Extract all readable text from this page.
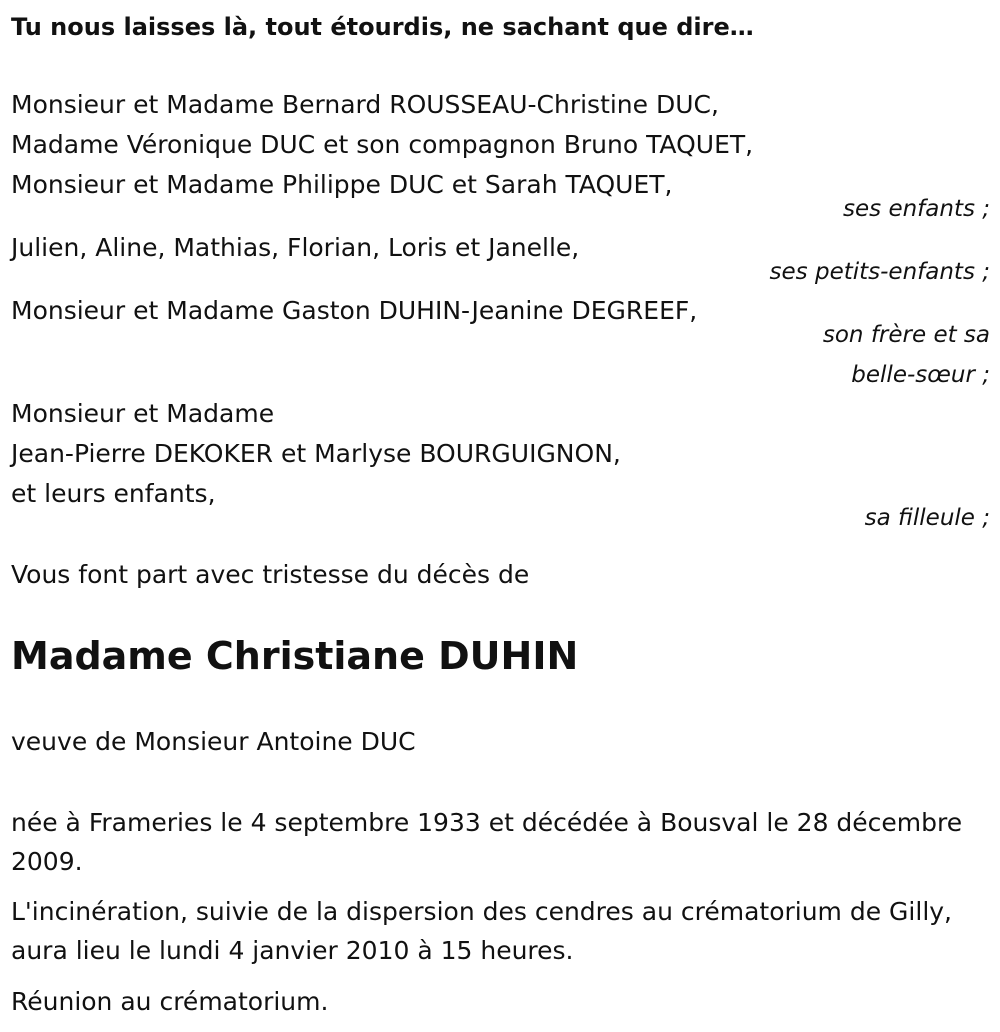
Tu nous laisses là, tout étourdis, ne sachant que dire…

Monsieur et Madame Bernard ROUSSEAU-Christine DUC,

Madame Véronique DUC et son compagnon Bruno TAQUET,

Monsieur et Madame Philippe DUC et Sarah TAQUET,

ses enfants ;

Julien, Aline, Mathias, Florian, Loris et Janelle,

ses petits-enfants ;

Monsieur et Madame Gaston DUHIN-Jeanine DEGREEF,

son frère et sa

belle-sœur ;

Monsieur et Madame

Jean-Pierre DEKOKER et Marlyse BOURGUIGNON,

et leurs enfants,

sa filleule ;

Vous font part avec tristesse du décès de

Madame Christiane DUHIN

veuve de Monsieur Antoine DUC

née à Frameries le 4 septembre 1933 et décédée à Bousval le 28 décembre 2009.

L'incinération, suivie de la dispersion des cendres au crématorium de Gilly, aura lieu le lundi 4 janvier 2010 à 15 heures.

Réunion au crématorium.
